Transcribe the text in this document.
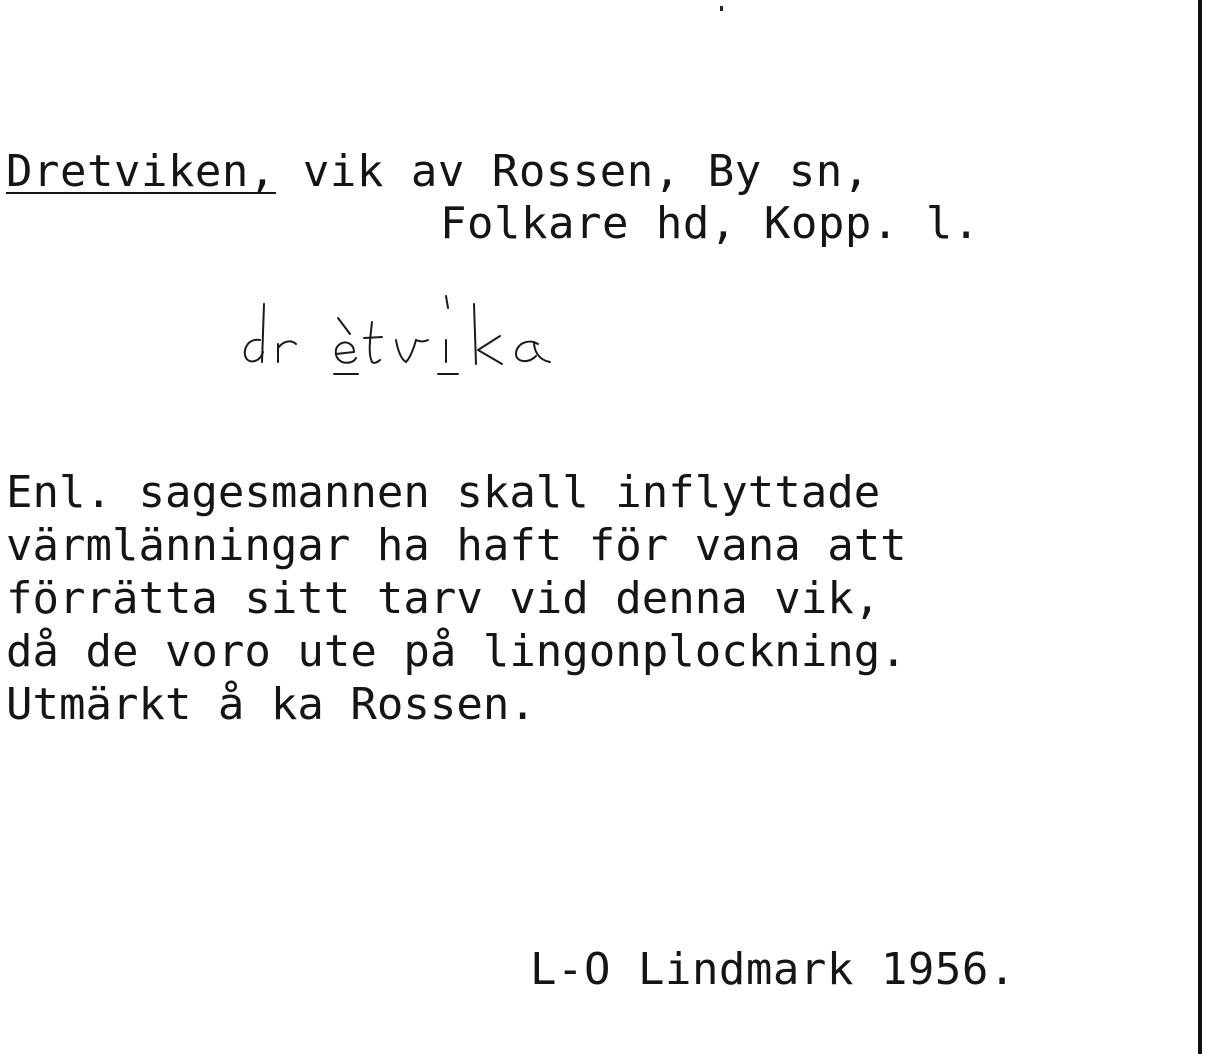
Dretviken, vik av Rossen, By sn,
Folkare hd, Kopp. l.
Enl. sagesmannen skall inflyttade
värmlänningar ha haft för vana att
förrätta sitt tarv vid denna vik,
då de voro ute på lingonplockning.
Utmärkt å ka Rossen.
L-O Lindmark 1956.
